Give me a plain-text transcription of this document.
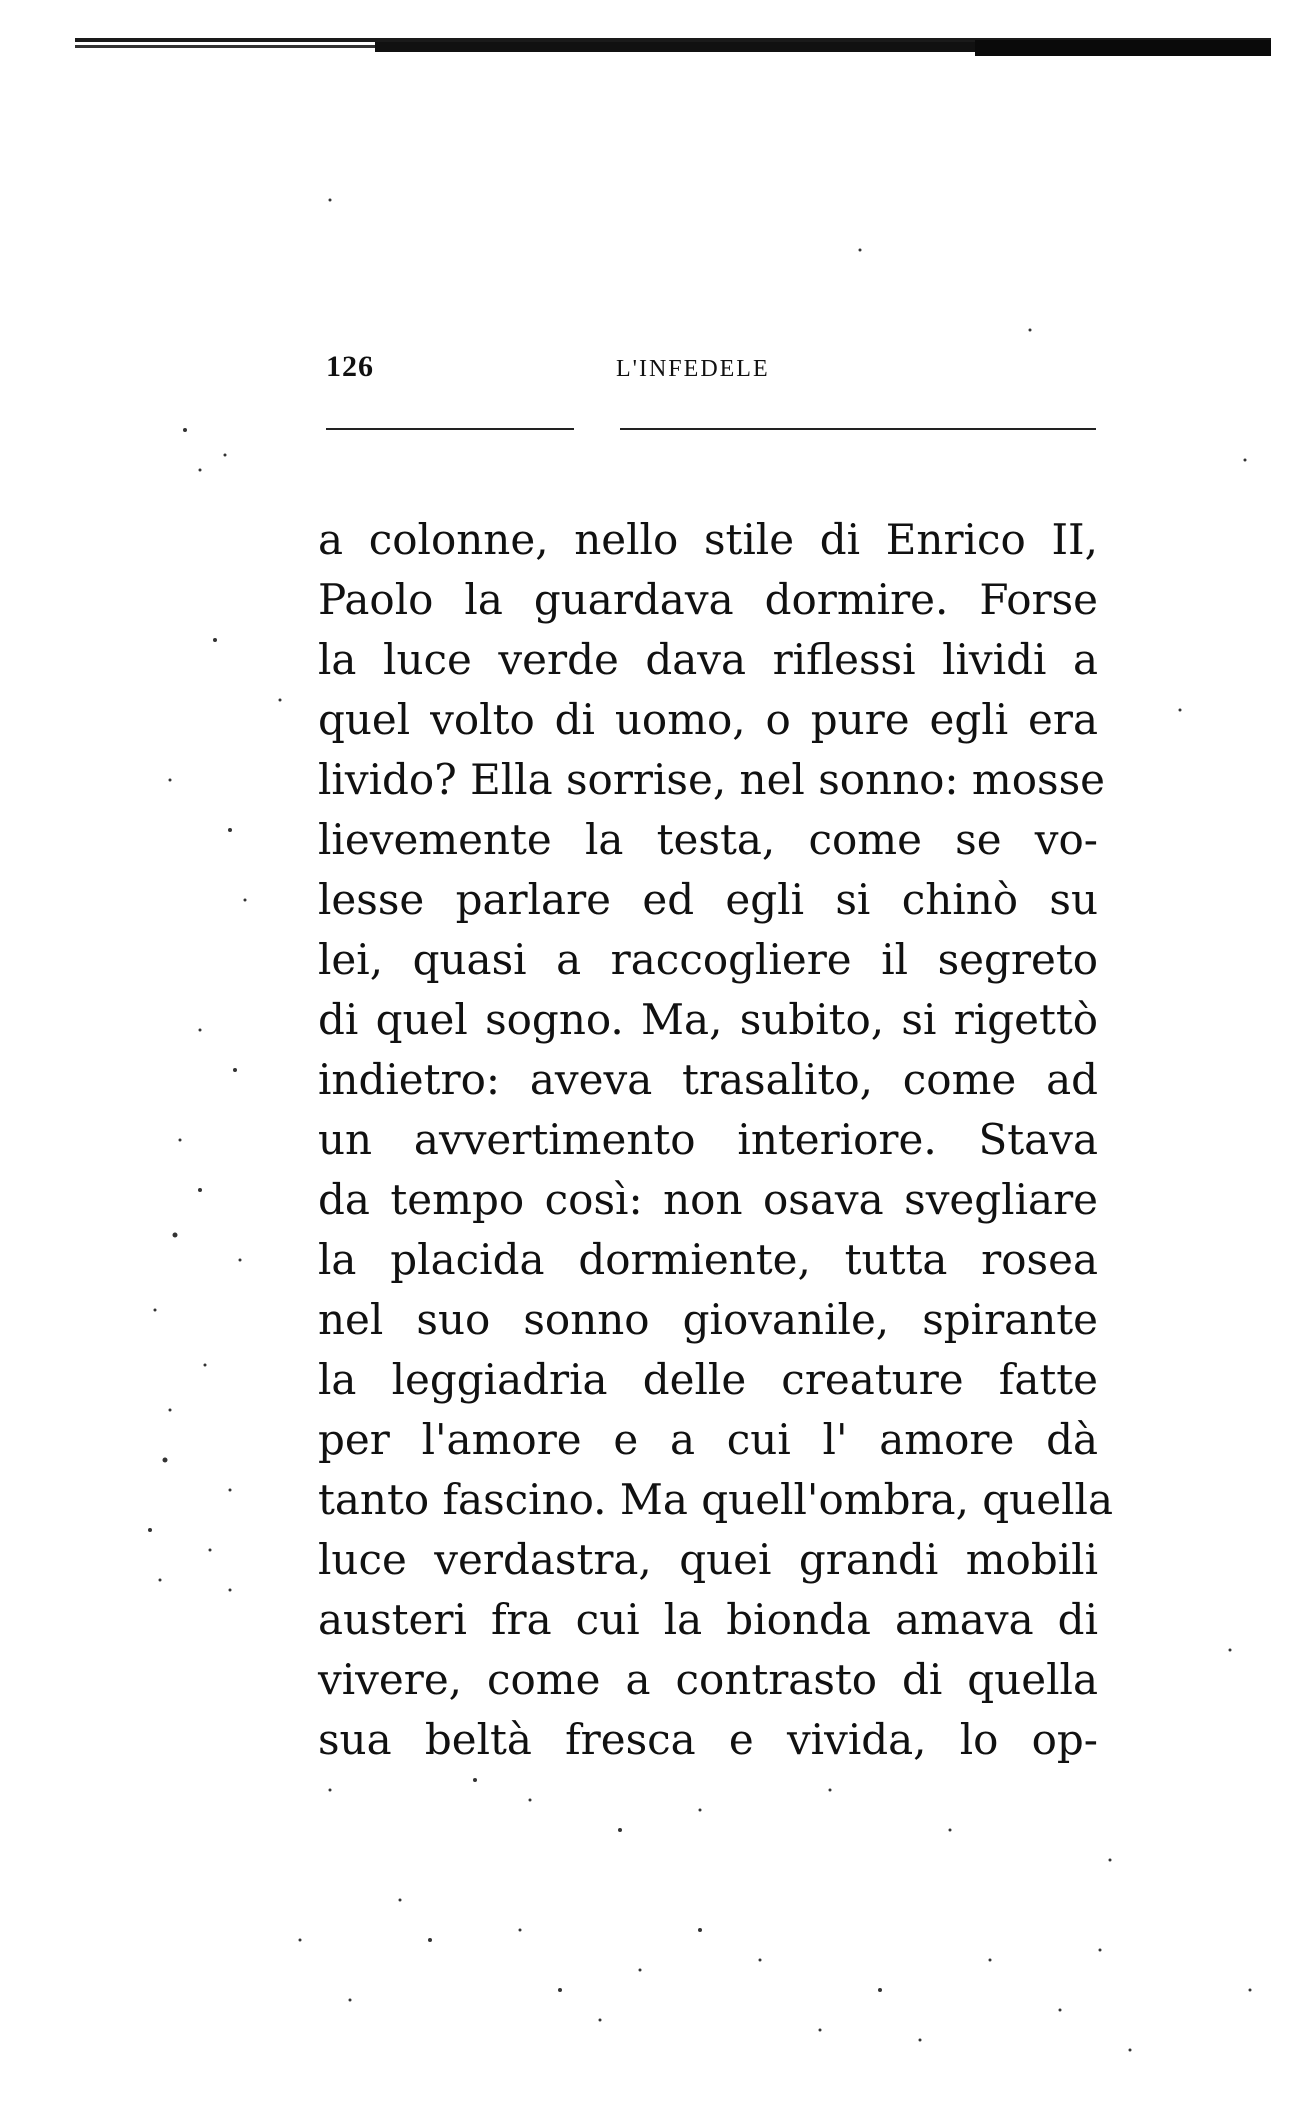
126	L'INFEDELE
a colonne, nello stile di Enrico II,
Paolo la guardava dormire. Forse
la luce verde dava riflessi lividi a
quel volto di uomo, o pure egli era
livido? Ella sorrise, nel sonno: mosse
lievemente la testa, come se vo-
lesse parlare ed egli si chinò su
lei, quasi a raccogliere il segreto
di quel sogno. Ma, subito, si rigettò
indietro: aveva trasalito, come ad
un avvertimento interiore. Stava
da tempo così: non osava svegliare
la placida dormiente, tutta rosea
nel suo sonno giovanile, spirante
la leggiadria delle creature fatte
per l'amore e a cui l' amore dà
tanto fascino. Ma quell'ombra, quella
luce verdastra, quei grandi mobili
austeri fra cui la bionda amava di
vivere, come a contrasto di quella
sua beltà fresca e vivida, lo op-
